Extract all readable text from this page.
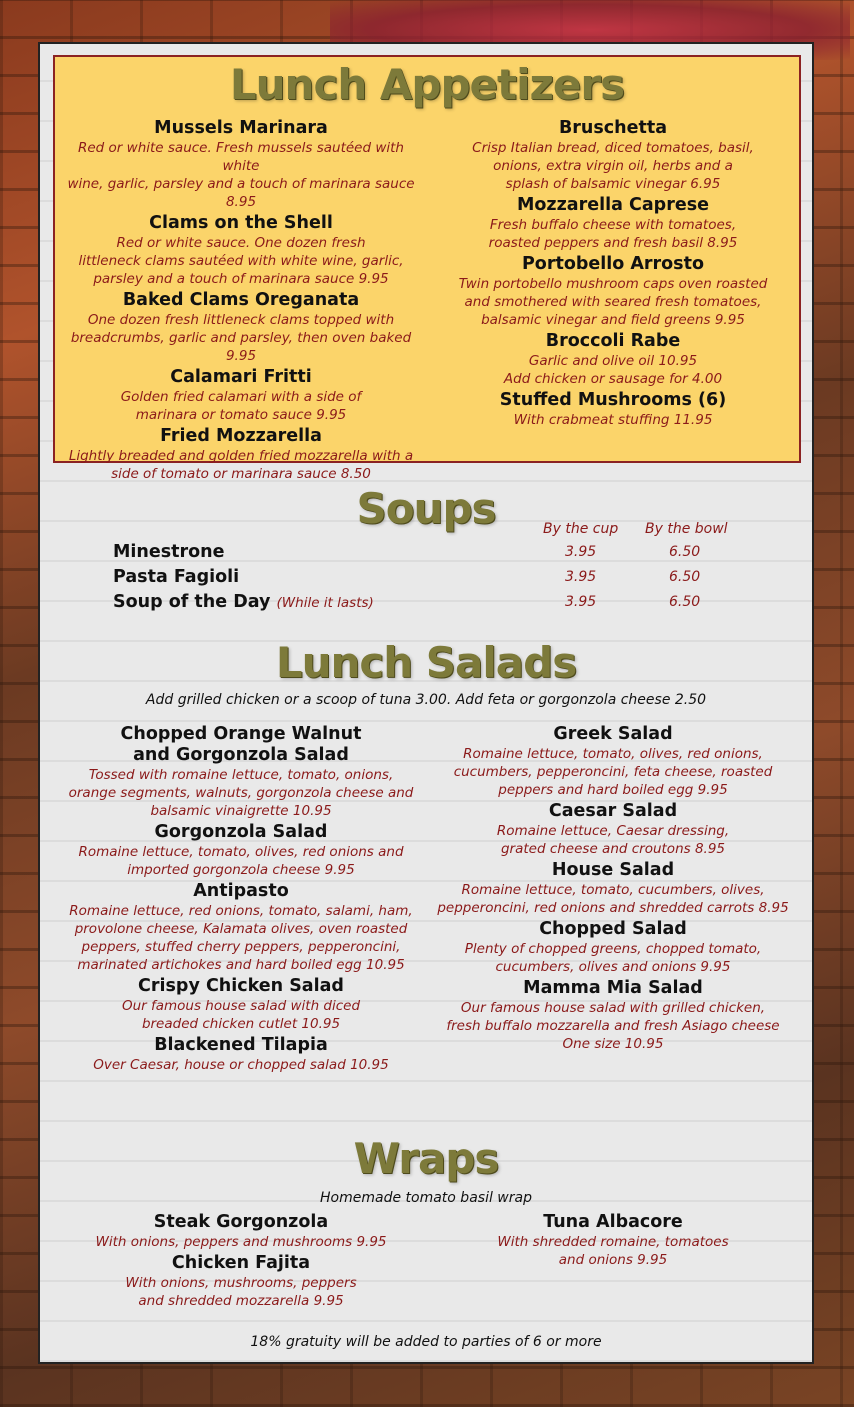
Lunch Appetizers
Mussels Marinara
Red or white sauce. Fresh mussels sautéed with white
wine, garlic, parsley and a touch of marinara sauce 8.95
Clams on the Shell
Red or white sauce. One dozen fresh
littleneck clams sautéed with white wine, garlic,
parsley and a touch of marinara sauce 9.95
Baked Clams Oreganata
One dozen fresh littleneck clams topped with
breadcrumbs, garlic and parsley, then oven baked 9.95
Calamari Fritti
Golden fried calamari with a side of
marinara or tomato sauce 9.95
Fried Mozzarella
Lightly breaded and golden fried mozzarella with a
side of tomato or marinara sauce 8.50
Bruschetta
Crisp Italian bread, diced tomatoes, basil,
onions, extra virgin oil, herbs and a
splash of balsamic vinegar 6.95
Mozzarella Caprese
Fresh buffalo cheese with tomatoes,
roasted peppers and fresh basil 8.95
Portobello Arrosto
Twin portobello mushroom caps oven roasted
and smothered with seared fresh tomatoes,
balsamic vinegar and field greens 9.95
Broccoli Rabe
Garlic and olive oil 10.95
Add chicken or sausage for 4.00
Stuffed Mushrooms (6)
With crabmeat stuffing 11.95
Soups	By the cup By the bowl
Minestrone	3.95	6.50
Pasta Fagioli	3.95	6.50
Soup of the Day (While it lasts)	3.95	6.50
Lunch Salads
Add grilled chicken or a scoop of tuna 3.00. Add feta or gorgonzola cheese 2.50
Chopped Orange Walnut
and Gorgonzola Salad
Tossed with romaine lettuce, tomato, onions,
orange segments, walnuts, gorgonzola cheese and
balsamic vinaigrette 10.95
Gorgonzola Salad
Romaine lettuce, tomato, olives, red onions and
imported gorgonzola cheese 9.95
Antipasto
Romaine lettuce, red onions, tomato, salami, ham,
provolone cheese, Kalamata olives, oven roasted
peppers, stuffed cherry peppers, pepperoncini,
marinated artichokes and hard boiled egg 10.95
Crispy Chicken Salad
Our famous house salad with diced
breaded chicken cutlet 10.95
Blackened Tilapia
Over Caesar, house or chopped salad 10.95
Greek Salad
Romaine lettuce, tomato, olives, red onions,
cucumbers, pepperoncini, feta cheese, roasted
peppers and hard boiled egg 9.95
Caesar Salad
Romaine lettuce, Caesar dressing,
grated cheese and croutons 8.95
House Salad
Romaine lettuce, tomato, cucumbers, olives,
pepperoncini, red onions and shredded carrots 8.95
Chopped Salad
Plenty of chopped greens, chopped tomato,
cucumbers, olives and onions 9.95
Mamma Mia Salad
Our famous house salad with grilled chicken,
fresh buffalo mozzarella and fresh Asiago cheese
One size 10.95
Wraps
Homemade tomato basil wrap
Steak Gorgonzola
With onions, peppers and mushrooms 9.95
Chicken Fajita
With onions, mushrooms, peppers
and shredded mozzarella 9.95
Tuna Albacore
With shredded romaine, tomatoes
and onions 9.95
18% gratuity will be added to parties of 6 or more
